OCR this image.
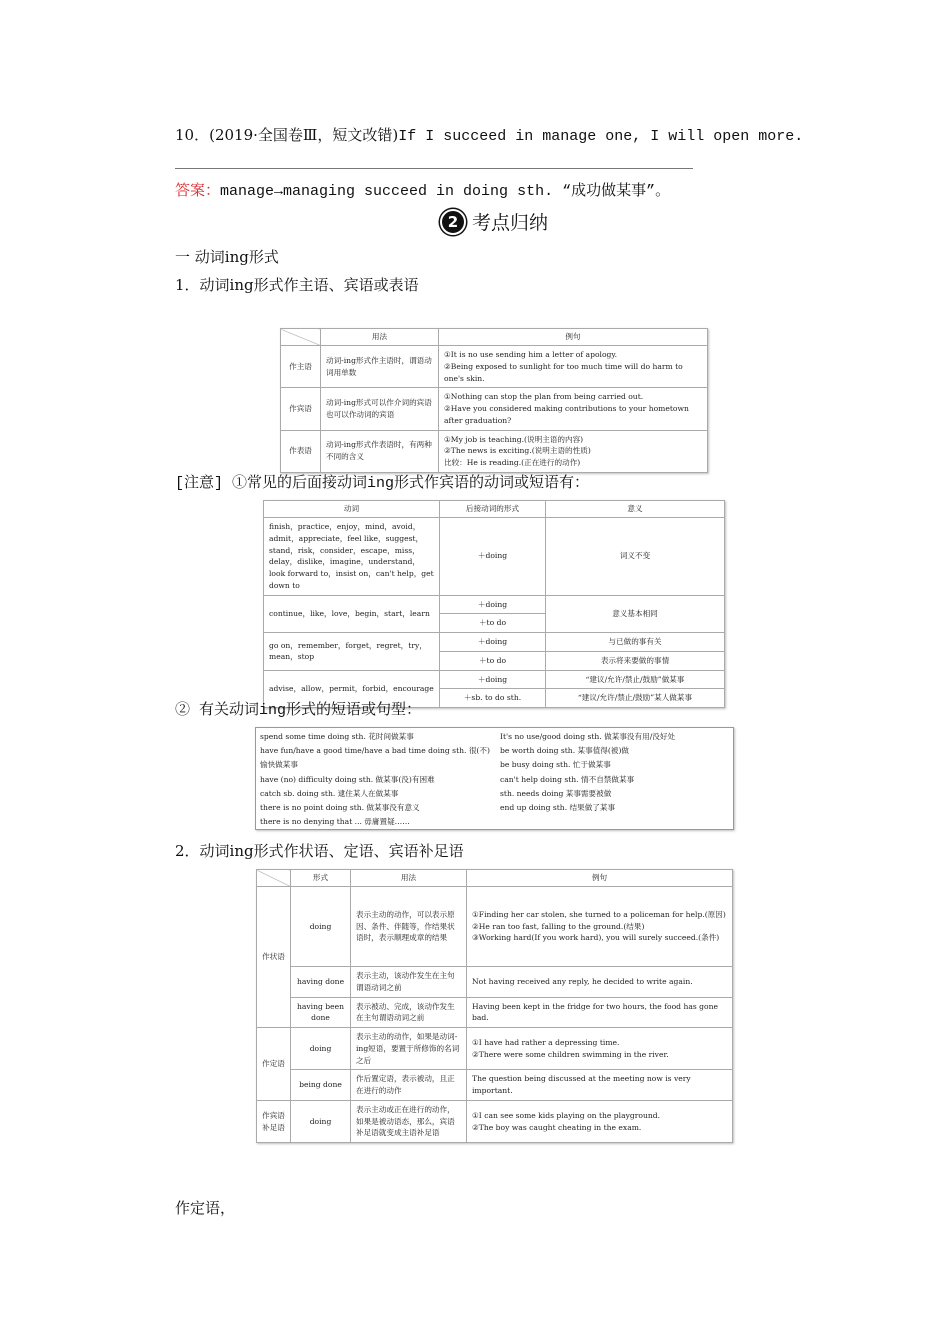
10．(2019·全国卷Ⅲ，短文改错)If I succeed in manage one, I will open more.
答案：manage→managing succeed in doing sth. “成功做某事”。
2 考点归纳
一 动词ing形式
1．动词ing形式作主语、宾语或表语
	用法	例句
作主语	动词-ing形式作主语时，谓语动词用单数	①It is no use sending him a letter of apology.
②Being exposed to sunlight for too much time will do harm to one's skin.

作宾语	动词-ing形式可以作介词的宾语也可以作动词的宾语	①Nothing can stop the plan from being carried out.
②Have you considered making contributions to your hometown after graduation?

作表语	动词-ing形式作表语时，有两种不同的含义	①My job is teaching.(说明主语的内容)
②The news is exciting.(说明主语的性质)
比较：He is reading.(正在进行的动作)
[注意] ①常见的后面接动词ing形式作宾语的动词或短语有：
动词	后接动词的形式	意义
finish，practice，enjoy，mind，avoid，admit，appreciate，feel like，suggest，stand，risk，consider，escape，miss，delay，dislike，imagine，understand，look forward to，insist on，can't help，get down to	＋doing	词义不变
continue，like，love，begin，start，learn	＋doing	意义基本相同
	＋to do	
go on，remember，forget，regret，try，mean，stop	＋doing	与已做的事有关
	＋to do	表示将来要做的事情
advise，allow，permit，forbid，encourage	＋doing	“建议/允许/禁止/鼓励”做某事
	＋sb. to do sth.	“建议/允许/禁止/鼓励”某人做某事
② 有关动词ing形式的短语或句型：
spend some time doing sth. 花时间做某事
have fun/have a good time/have a bad time doing sth. 很(不)
愉快做某事
have (no) difficulty doing sth. 做某事(没)有困难
catch sb. doing sth. 逮住某人在做某事
there is no point doing sth. 做某事没有意义
there is no denying that ... 毋庸置疑……
It's no use/good doing sth. 做某事没有用/没好处
be worth doing sth. 某事值得(被)做
be busy doing sth. 忙于做某事
can't help doing sth. 情不自禁做某事
sth. needs doing 某事需要被做
end up doing sth. 结果做了某事
2．动词ing形式作状语、定语、宾语补足语
	形式	用法	例句
作状语	doing	表示主动的动作，可以表示原因、条件、伴随等，作结果状语时，表示顺理成章的结果	①Finding her car stolen, she turned to a policeman for help.(原因)
②He ran too fast, falling to the ground.(结果)
③Working hard(If you work hard), you will surely succeed.(条件)

	having done	表示主动，该动作发生在主句谓语动词之前	Not having received any reply, he decided to write again.

	having been done	表示被动、完成，该动作发生在主句谓语动词之前	Having been kept in the fridge for two hours, the food has gone bad.

作定语	doing	表示主动的动作，如果是动词-ing短语，要置于所修饰的名词之后	①I have had rather a depressing time.
②There were some children swimming in the river.

	being done	作后置定语，表示被动，且正在进行的动作	The question being discussed at the meeting now is very important.

作宾语补足语	doing	表示主动或正在进行的动作，如果是被动语态，那么，宾语补足语就变成主语补足语	①I can see some kids playing on the playground.
②The boy was caught cheating in the exam.
作定语，
